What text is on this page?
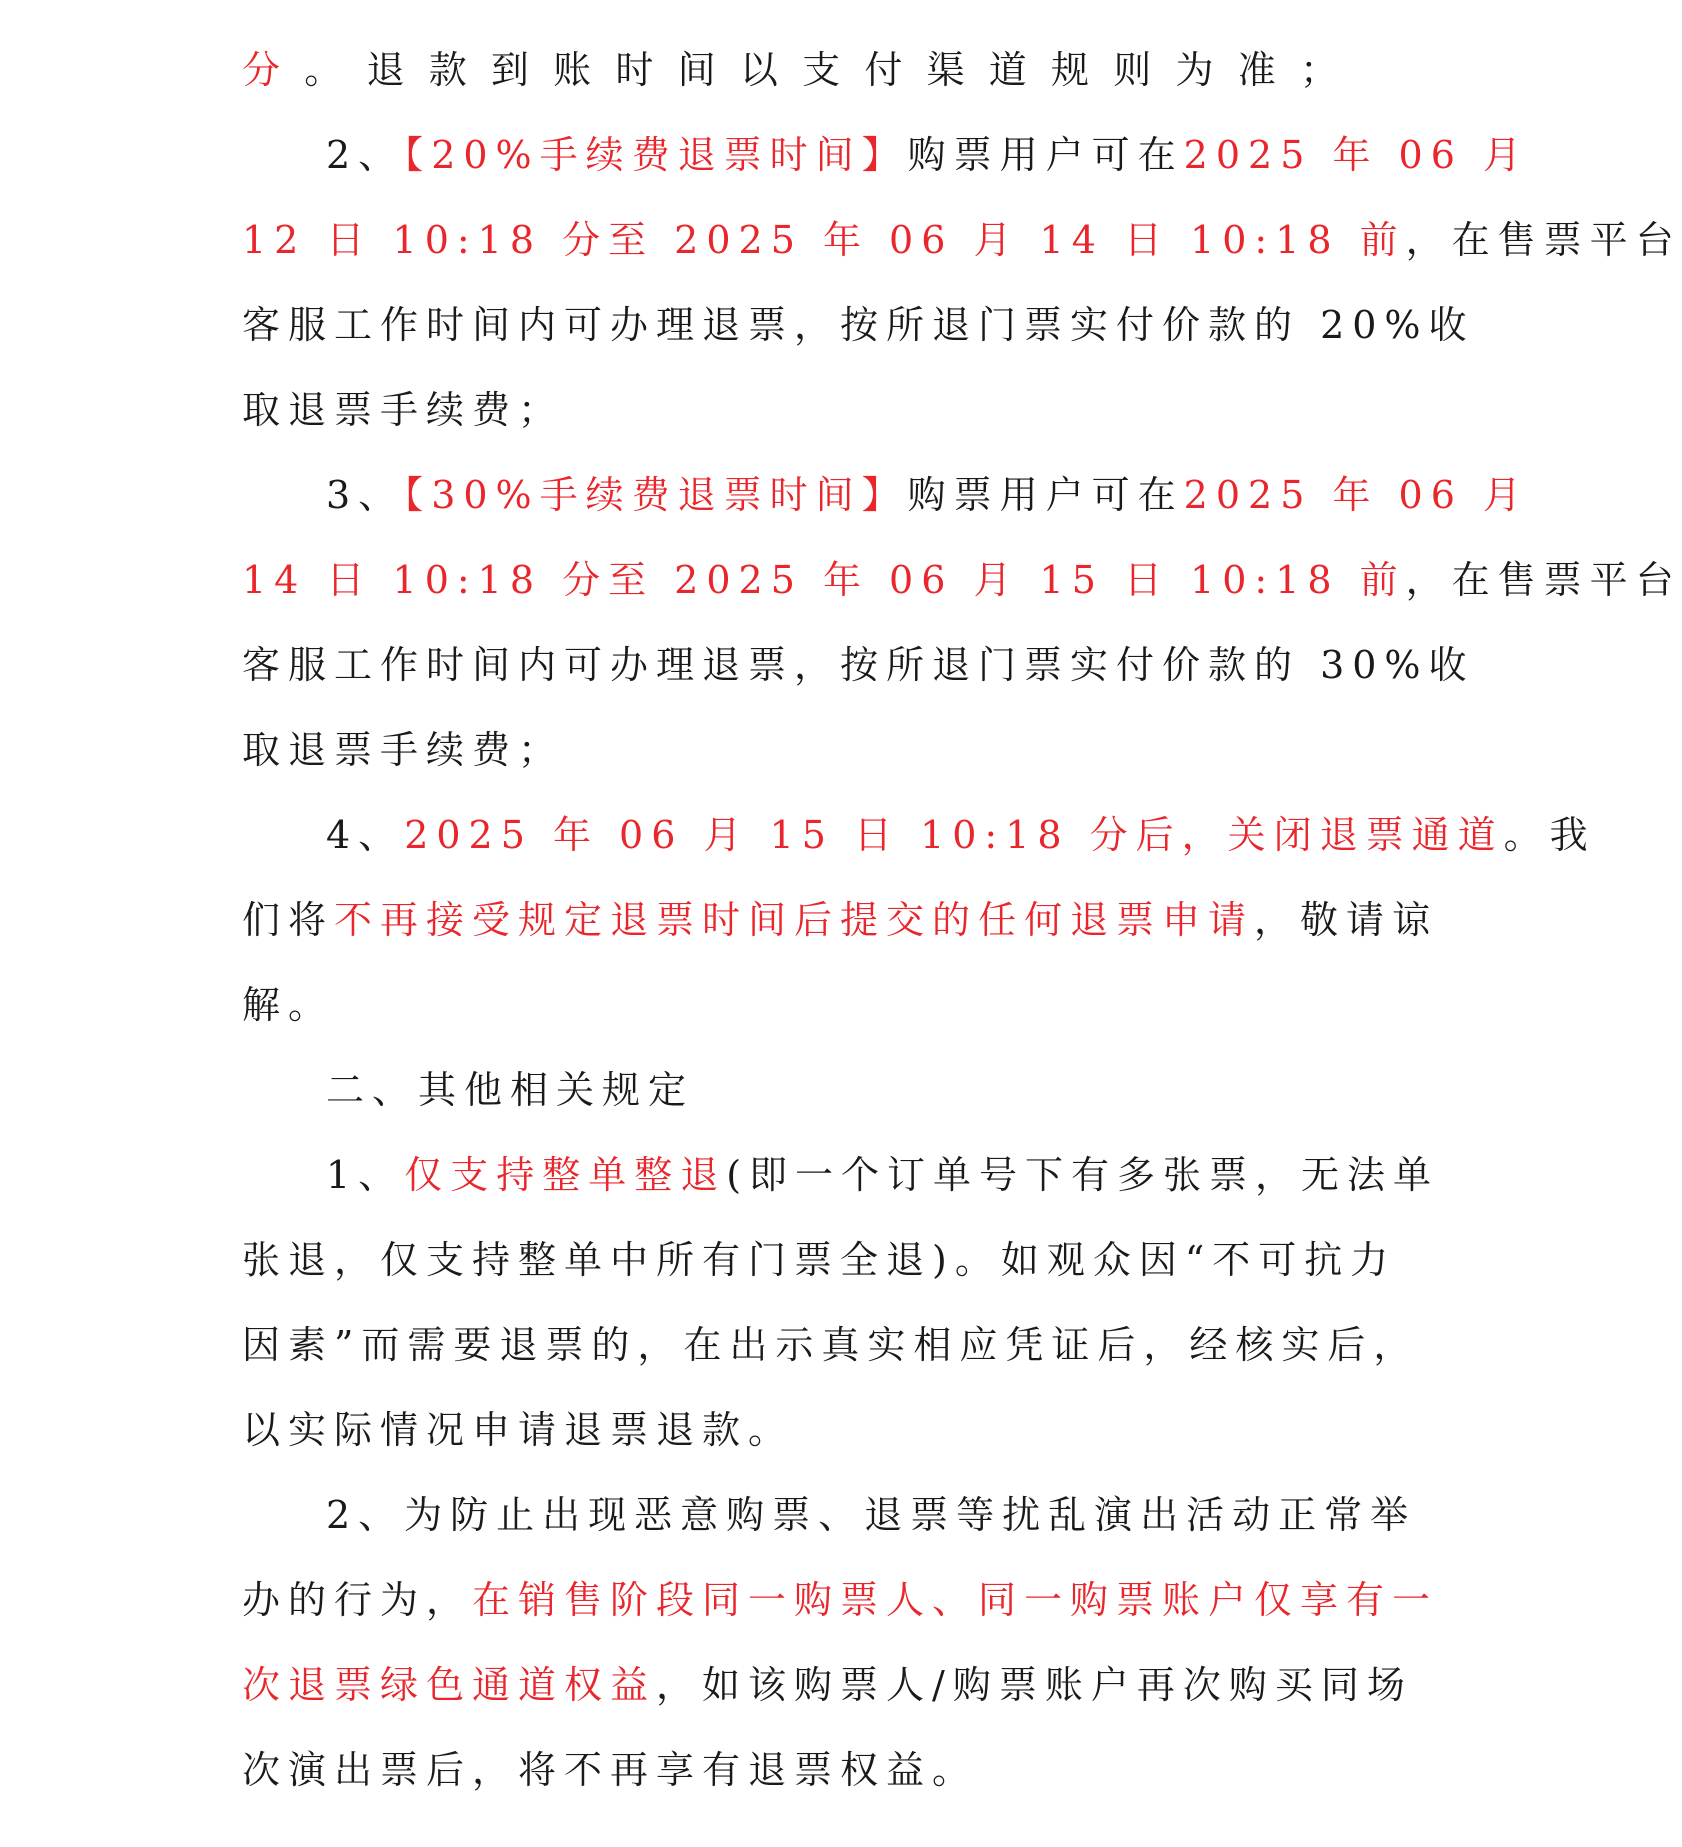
分。退款到账时间以支付渠道规则为准；
2、【20%手续费退票时间】购票用户可在2025 年 06 月
12 日 10:18 分至 2025 年 06 月 14 日 10:18 前，在售票平台
客服工作时间内可办理退票，按所退门票实付价款的 20%收
取退票手续费；
3、【30%手续费退票时间】购票用户可在2025 年 06 月
14 日 10:18 分至 2025 年 06 月 15 日 10:18 前，在售票平台
客服工作时间内可办理退票，按所退门票实付价款的 30%收
取退票手续费；
4、2025 年 06 月 15 日 10:18 分后，关闭退票通道。我
们将不再接受规定退票时间后提交的任何退票申请，敬请谅
解。
二、其他相关规定
1、仅支持整单整退(即一个订单号下有多张票，无法单
张退，仅支持整单中所有门票全退)。如观众因“不可抗力
因素”而需要退票的，在出示真实相应凭证后，经核实后，
以实际情况申请退票退款。
2、为防止出现恶意购票、退票等扰乱演出活动正常举
办的行为，在销售阶段同一购票人、同一购票账户仅享有一
次退票绿色通道权益，如该购票人/购票账户再次购买同场
次演出票后，将不再享有退票权益。
